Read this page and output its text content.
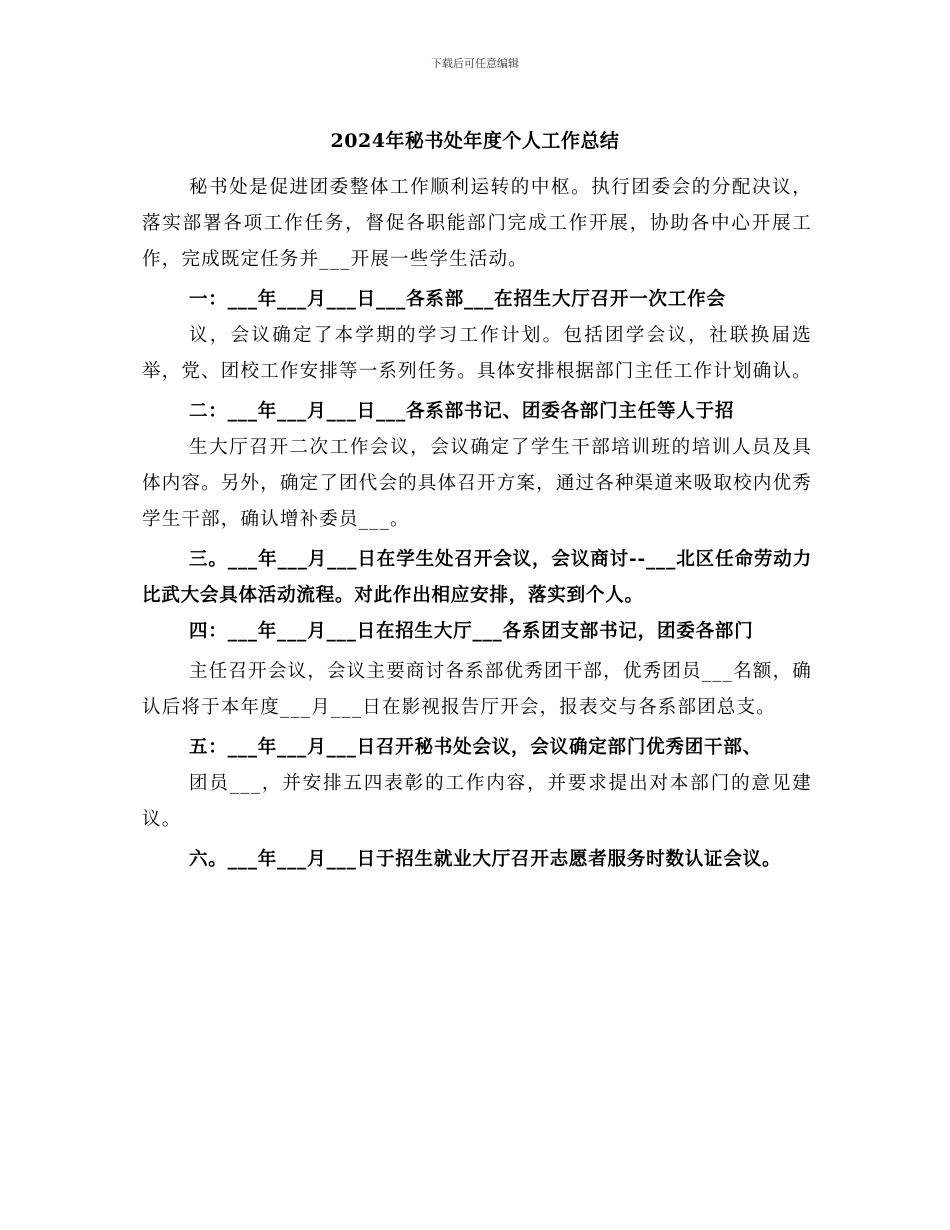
下载后可任意编辑
2024年秘书处年度个人工作总结

秘书处是促进团委整体工作顺利运转的中枢。执行团委会的分配决议，落实部署各项工作任务，督促各职能部门完成工作开展，协助各中心开展工作，完成既定任务并___开展一些学生活动。

一：___年___月___日___各系部___在招生大厅召开一次工作会

议，会议确定了本学期的学习工作计划。包括团学会议，社联换届选举，党、团校工作安排等一系列任务。具体安排根据部门主任工作计划确认。

二：___年___月___日___各系部书记、团委各部门主任等人于招

生大厅召开二次工作会议，会议确定了学生干部培训班的培训人员及具体内容。另外，确定了团代会的具体召开方案，通过各种渠道来吸取校内优秀学生干部，确认增补委员___。

三。___年___月___日在学生处召开会议，会议商讨--___北区任命劳动力比武大会具体活动流程。对此作出相应安排，落实到个人。

四：___年___月___日在招生大厅___各系团支部书记，团委各部门

主任召开会议，会议主要商讨各系部优秀团干部，优秀团员___名额，确认后将于本年度___月___日在影视报告厅开会，报表交与各系部团总支。

五：___年___月___日召开秘书处会议，会议确定部门优秀团干部、

团员___，并安排五四表彰的工作内容，并要求提出对本部门的意见建议。

六。___年___月___日于招生就业大厅召开志愿者服务时数认证会议。
